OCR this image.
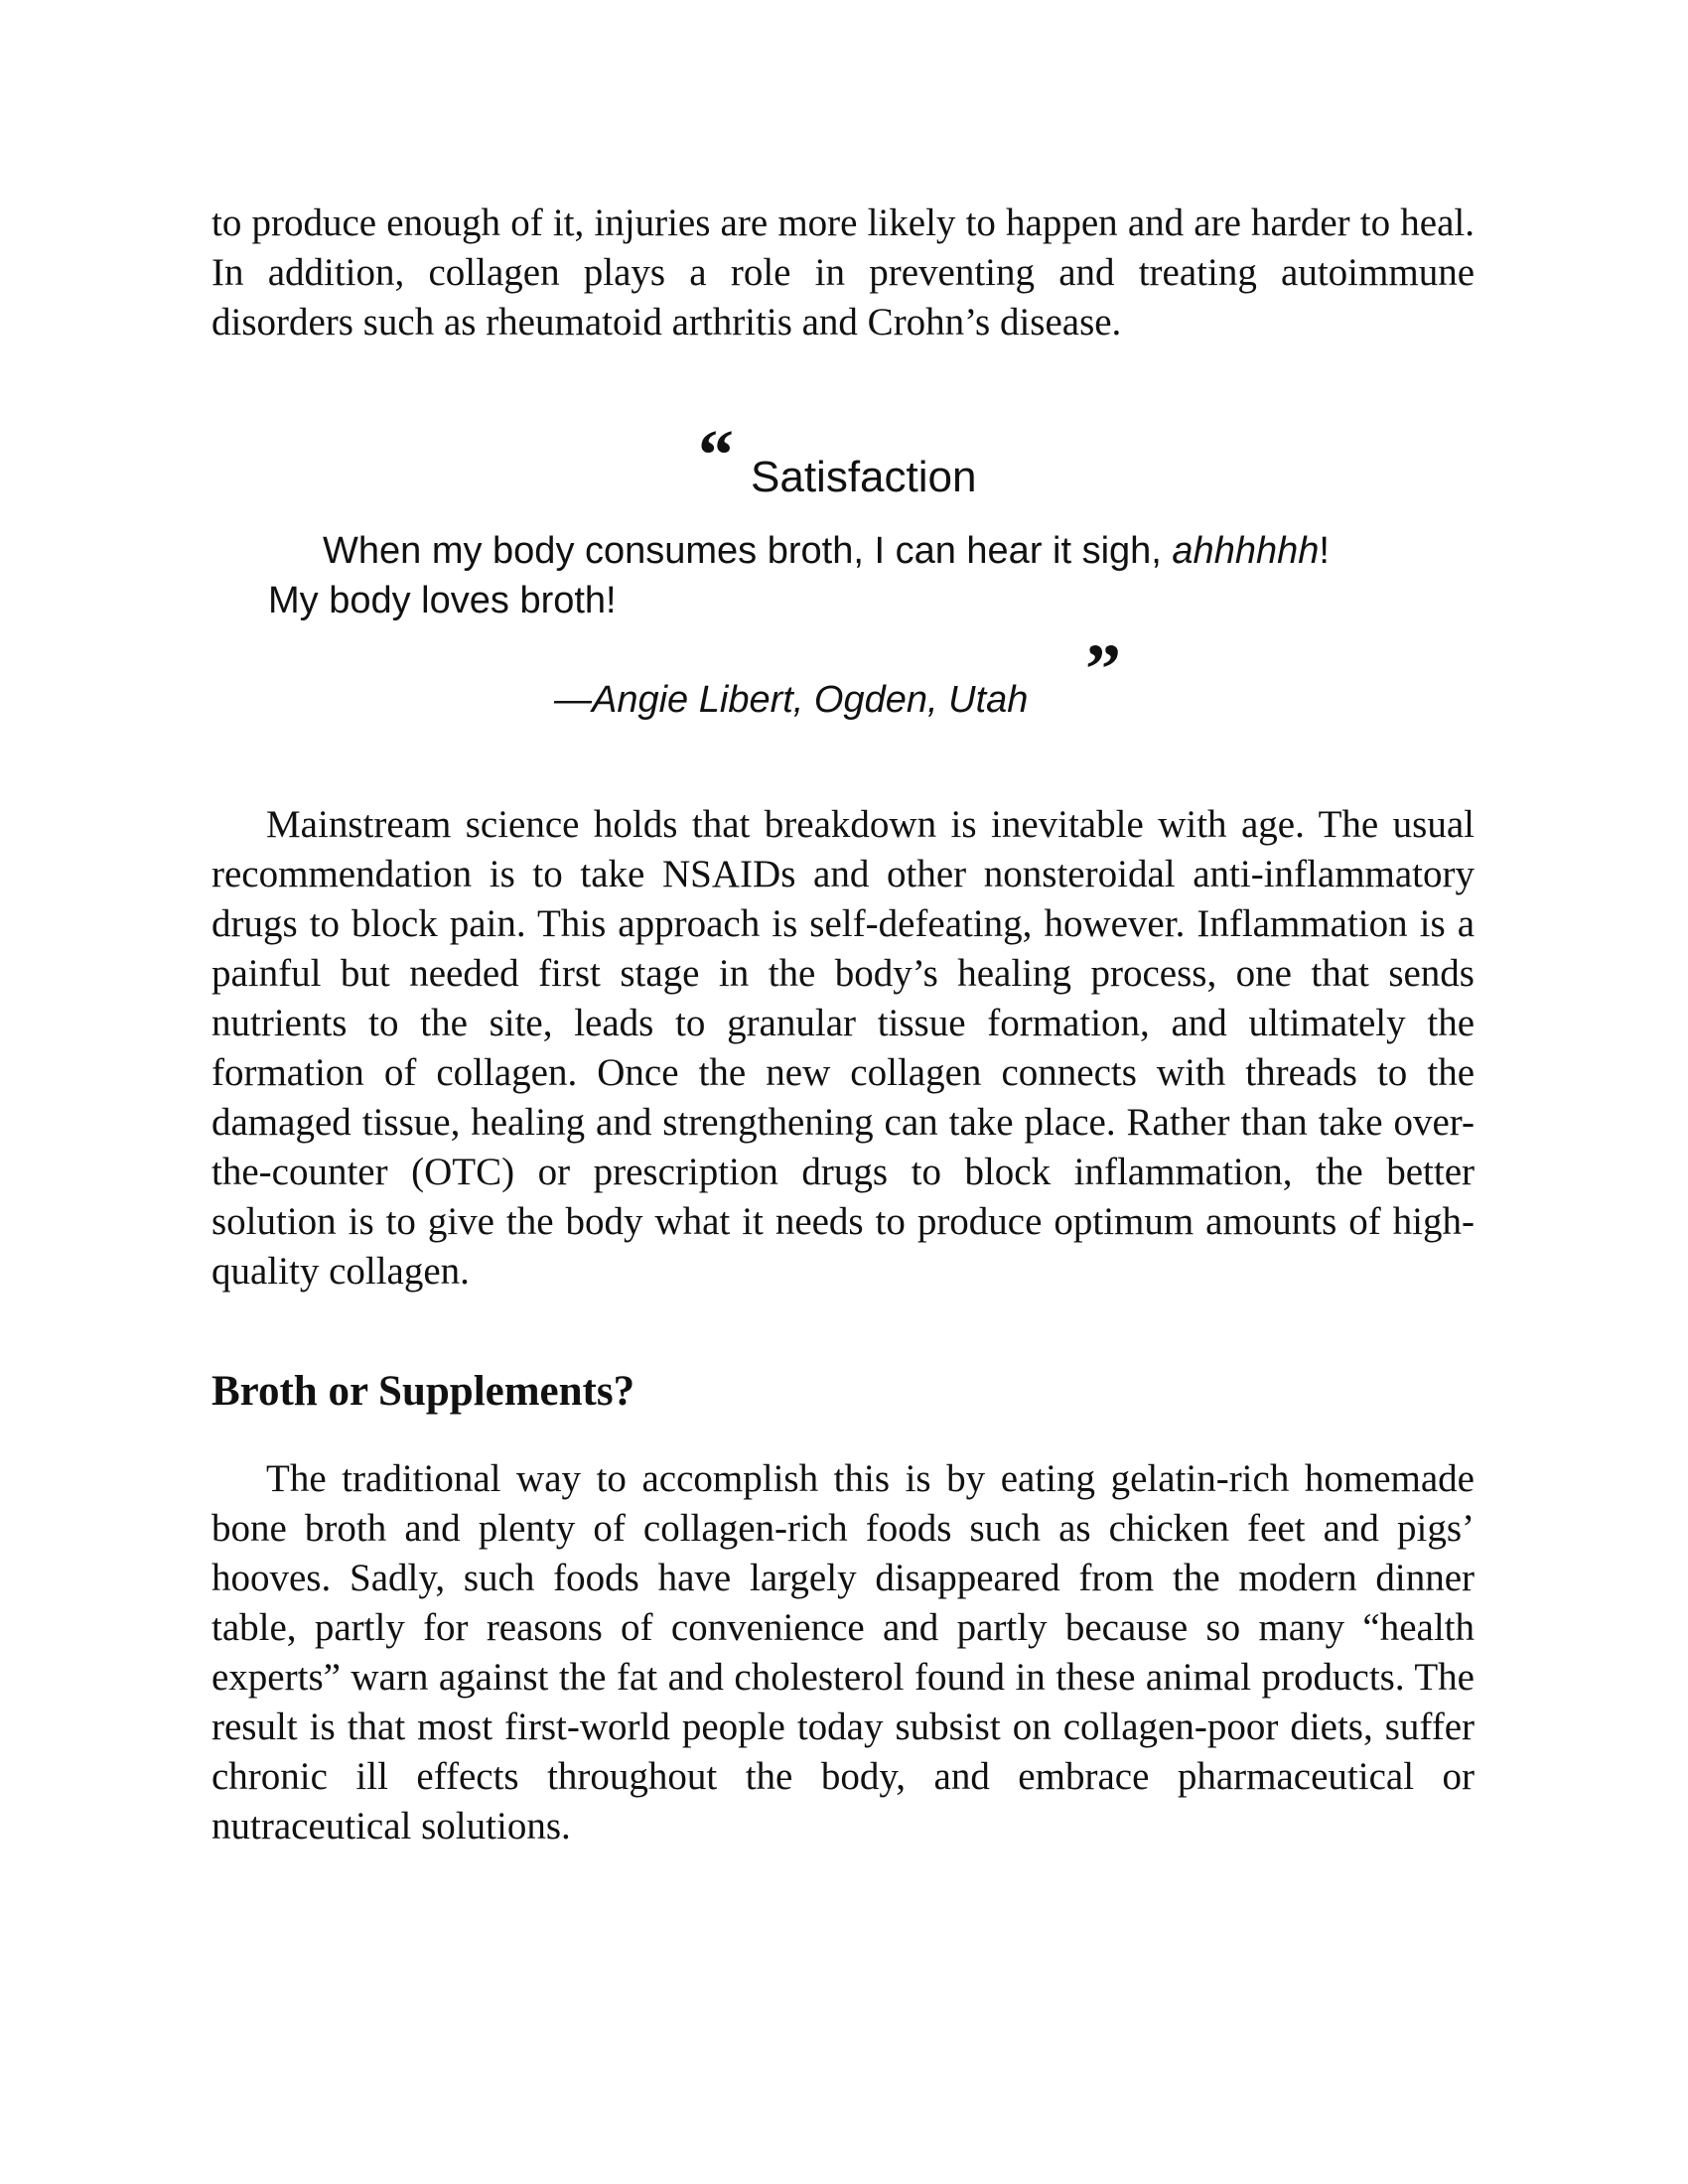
to produce enough of it, injuries are more likely to happen and are harder to heal. In addition, collagen plays a role in preventing and treating autoimmune disorders such as rheumatoid arthritis and Crohn’s disease.

“ Satisfaction

When my body consumes broth, I can hear it sigh, ahhhhhh!
My body loves broth!

—Angie Libert, Ogden, Utah ”

Mainstream science holds that breakdown is inevitable with age. The usual recommendation is to take NSAIDs and other nonsteroidal anti-inflammatory drugs to block pain. This approach is self-defeating, however. Inflammation is a painful but needed first stage in the body’s healing process, one that sends nutrients to the site, leads to granular tissue formation, and ultimately the formation of collagen. Once the new collagen connects with threads to the damaged tissue, healing and strengthening can take place. Rather than take over-the-counter (OTC) or prescription drugs to block inflammation, the better solution is to give the body what it needs to produce optimum amounts of high-quality collagen.

Broth or Supplements?

The traditional way to accomplish this is by eating gelatin-rich homemade bone broth and plenty of collagen-rich foods such as chicken feet and pigs’ hooves. Sadly, such foods have largely disappeared from the modern dinner table, partly for reasons of convenience and partly because so many “health experts” warn against the fat and cholesterol found in these animal products. The result is that most first-world people today subsist on collagen-poor diets, suffer chronic ill effects throughout the body, and embrace pharmaceutical or nutraceutical solutions.
